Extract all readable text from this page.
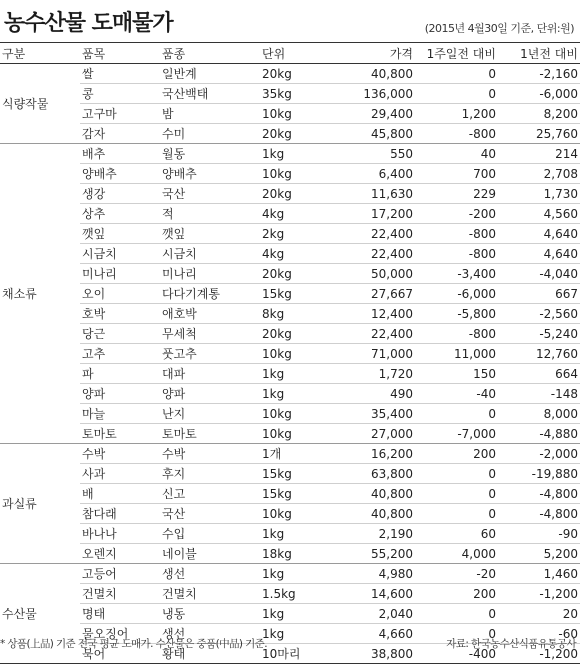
농수산물 도매물가	(2015년 4월30일 기준, 단위:원)
구분	품목	품종	단위	가격	1주일전 대비	1년전 대비
식량작물	쌀	일반계	20kg	40,800	0	-2,160
	콩	국산백태	35kg	136,000	0	-6,000
	고구마	밤	10kg	29,400	1,200	8,200
	감자	수미	20kg	45,800	-800	25,760
채소류	배추	월동	1kg	550	40	214
	양배추	양배추	10kg	6,400	700	2,708
	생강	국산	20kg	11,630	229	1,730
	상추	적	4kg	17,200	-200	4,560
	깻잎	깻잎	2kg	22,400	-800	4,640
	시금치	시금치	4kg	22,400	-800	4,640
	미나리	미나리	20kg	50,000	-3,400	-4,040
	오이	다다기계통	15kg	27,667	-6,000	667
	호박	애호박	8kg	12,400	-5,800	-2,560
	당근	무세척	20kg	22,400	-800	-5,240
	고추	풋고추	10kg	71,000	11,000	12,760
	파	대파	1kg	1,720	150	664
	양파	양파	1kg	490	-40	-148
	마늘	난지	10kg	35,400	0	8,000
	토마토	토마토	10kg	27,000	-7,000	-4,880
과실류	수박	수박	1개	16,200	200	-2,000
	사과	후지	15kg	63,800	0	-19,880
	배	신고	15kg	40,800	0	-4,800
	참다래	국산	10kg	40,800	0	-4,800
	바나나	수입	1kg	2,190	60	-90
	오렌지	네이블	18kg	55,200	4,000	5,200
수산물	고등어	생선	1kg	4,980	-20	1,460
	건멸치	건멸치	1.5kg	14,600	200	-1,200
	명태	냉동	1kg	2,040	0	20
	물오징어	생선	1kg	4,660	0	-60
	북어	황태	10마리	38,800	-400	-1,200
* 상품(上品) 기준 전국 평균 도매가. 수산물은 중품(中品) 기준.	자료: 한국농수산식품유통공사
